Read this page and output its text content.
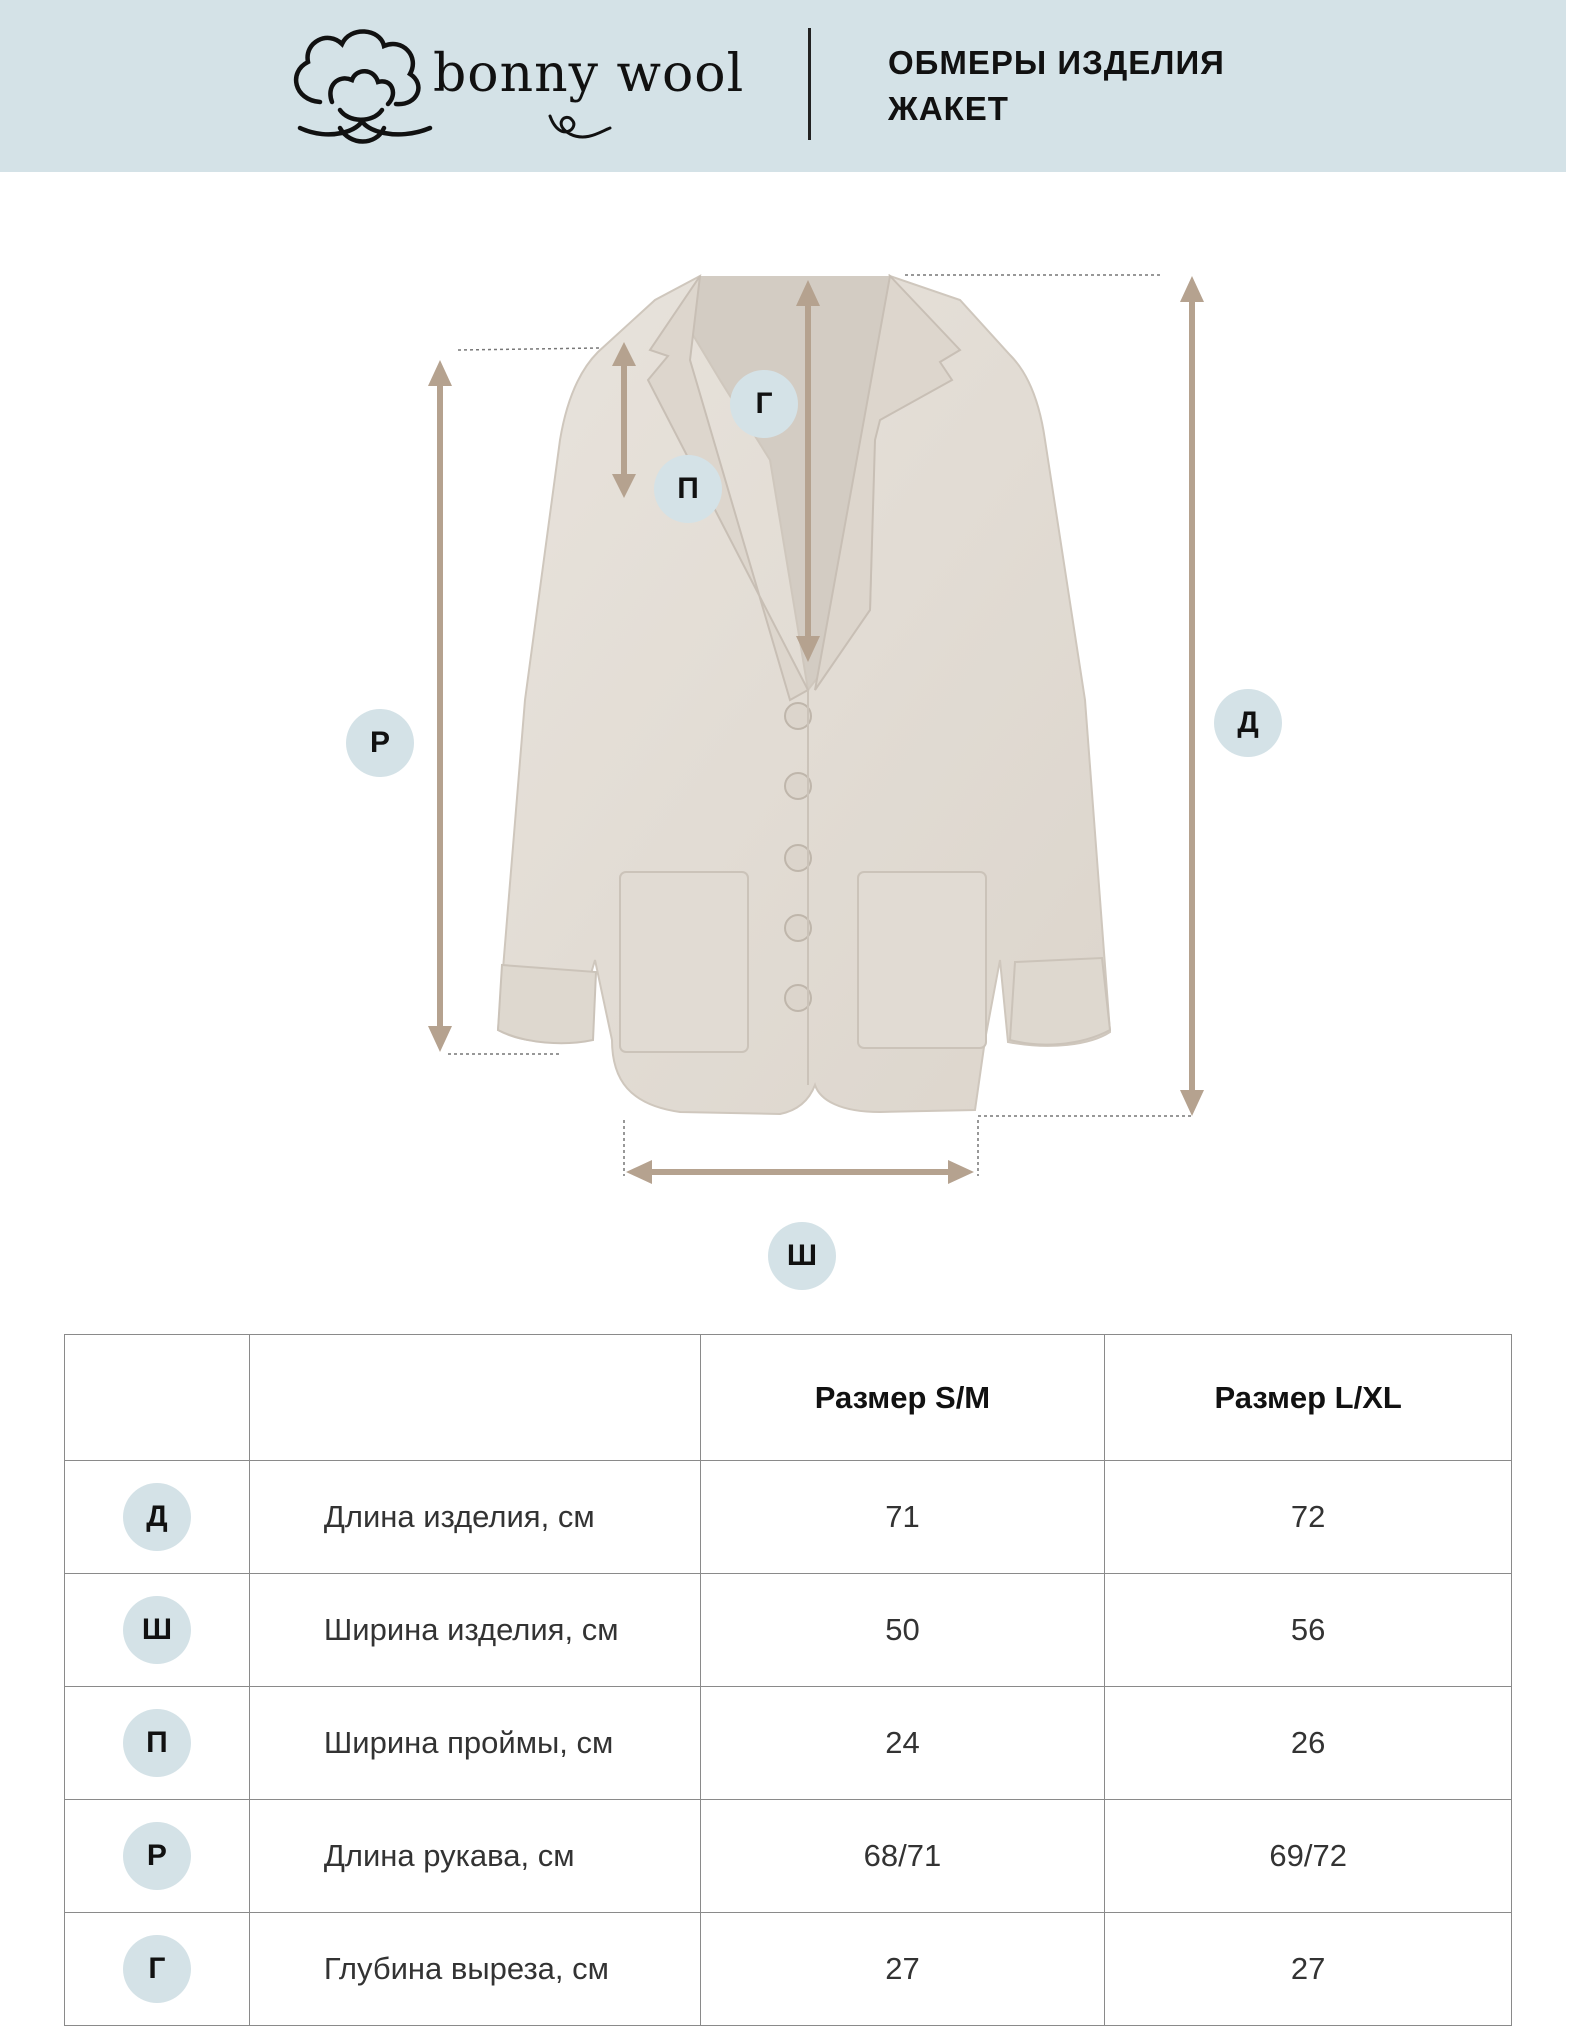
bonny wool	ОБМЕРЫ ИЗДЕЛИЯ
ЖАКЕТ
Г
П
Р
Д
Ш
		Размер S/M	Размер L/XL

Д	Длина изделия, см	71	72

Ш	Ширина изделия, см	50	56

П	Ширина проймы, см	24	26

Р	Длина рукава, см	68/71	69/72

Г	Глубина выреза, см	27	27
